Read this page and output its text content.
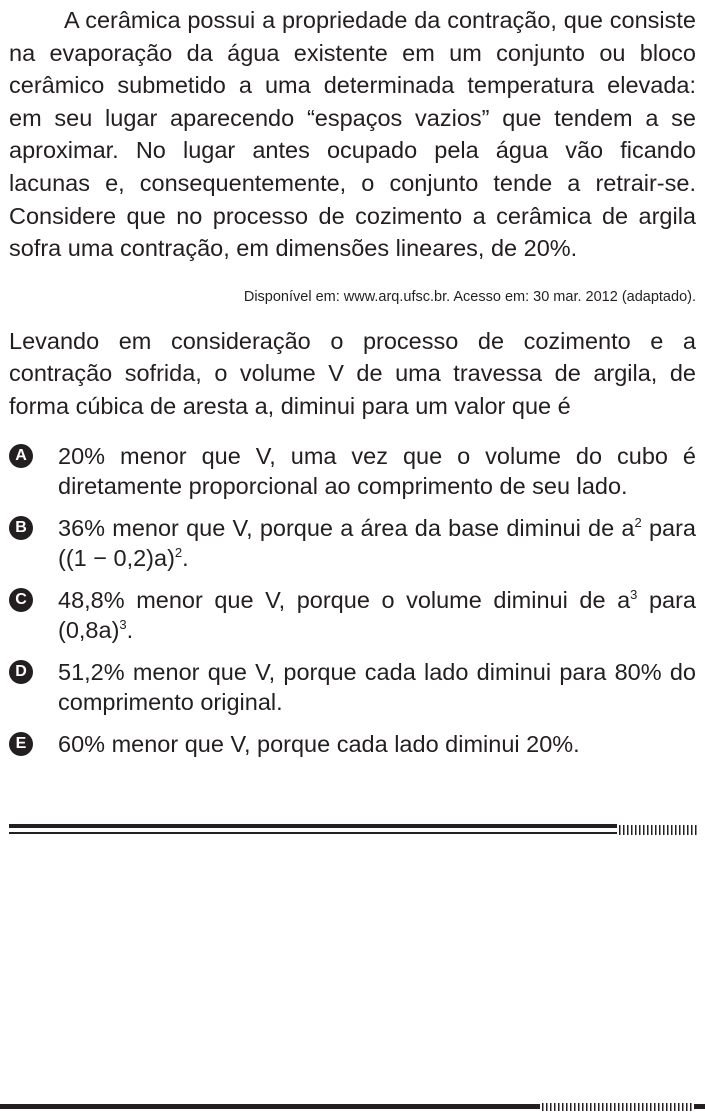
A cerâmica possui a propriedade da contração, que consiste na evaporação da água existente em um conjunto ou bloco cerâmico submetido a uma determinada temperatura elevada: em seu lugar aparecendo “espaços vazios” que tendem a se aproximar. No lugar antes ocupado pela água vão ficando lacunas e, consequentemente, o conjunto tende a retrair-se. Considere que no processo de cozimento a cerâmica de argila sofra uma contração, em dimensões lineares, de 20%.

Disponível em: www.arq.ufsc.br. Acesso em: 30 mar. 2012 (adaptado).

Levando em consideração o processo de cozimento e a contração sofrida, o volume V de uma travessa de argila, de forma cúbica de aresta a, diminui para um valor que é

A 20% menor que V, uma vez que o volume do cubo é diretamente proporcional ao comprimento de seu lado.
B 36% menor que V, porque a área da base diminui de $a^2$ para $((1 - 0,2)a)^2$.
C 48,8% menor que V, porque o volume diminui de $a^3$ para $(0,8a)^3$.
D 51,2% menor que V, porque cada lado diminui para 80% do comprimento original.
E 60% menor que V, porque cada lado diminui 20%.
